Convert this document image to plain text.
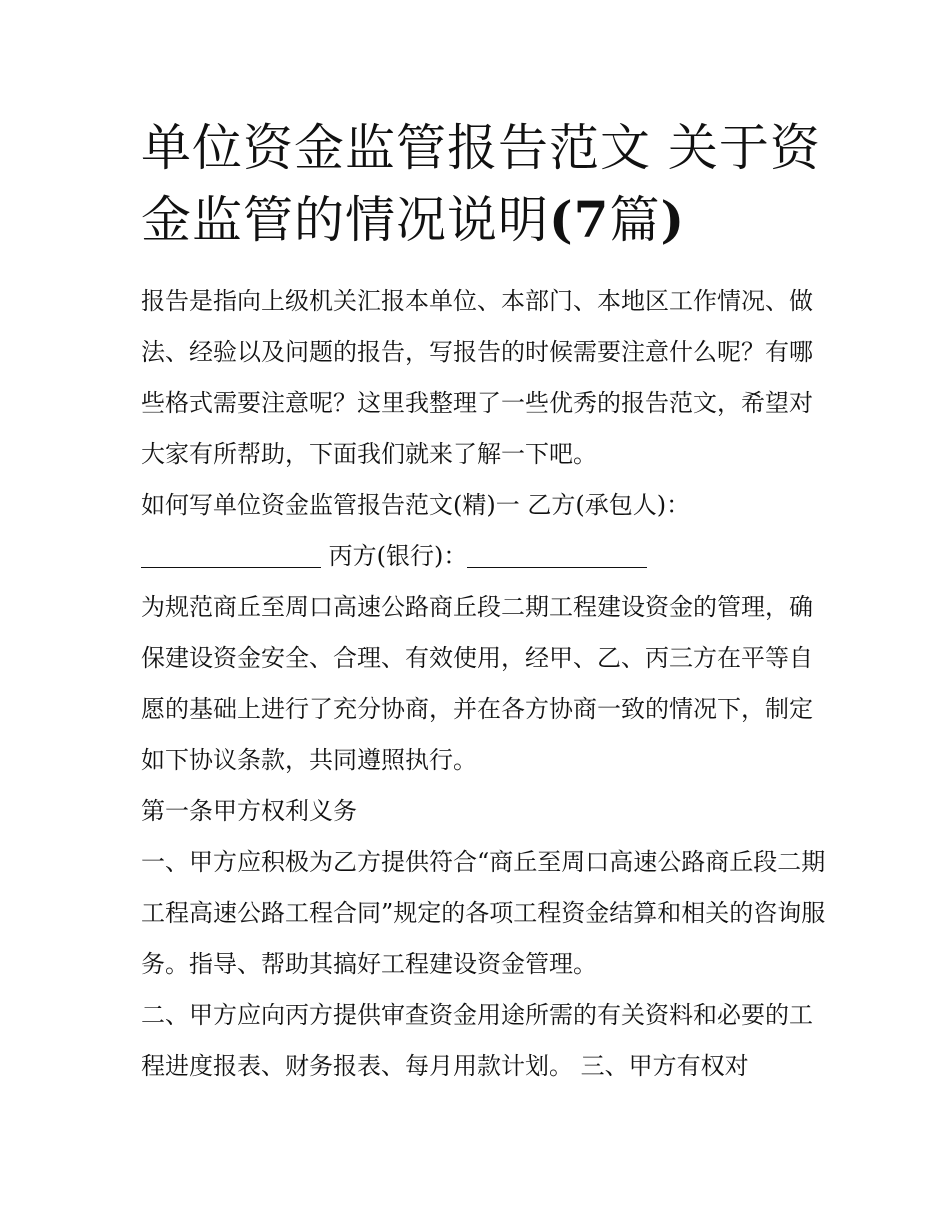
单位资金监管报告范文 关于资
金监管的情况说明(7篇)

报告是指向上级机关汇报本单位、本部门、本地区工作情况、做法、经验以及问题的报告，写报告的时候需要注意什么呢？有哪些格式需要注意呢？这里我整理了一些优秀的报告范文，希望对大家有所帮助，下面我们就来了解一下吧。

如何写单位资金监管报告范文(精)一 乙方(承包人)：

丙方(银行)：

为规范商丘至周口高速公路商丘段二期工程建设资金的管理，确保建设资金安全、合理、有效使用，经甲、乙、丙三方在平等自愿的基础上进行了充分协商，并在各方协商一致的情况下，制定如下协议条款，共同遵照执行。

第一条甲方权利义务

一、甲方应积极为乙方提供符合“商丘至周口高速公路商丘段二期工程高速公路工程合同”规定的各项工程资金结算和相关的咨询服务。指导、帮助其搞好工程建设资金管理。

二、甲方应向丙方提供审查资金用途所需的有关资料和必要的工程进度报表、财务报表、每月用款计划。 三、甲方有权对
